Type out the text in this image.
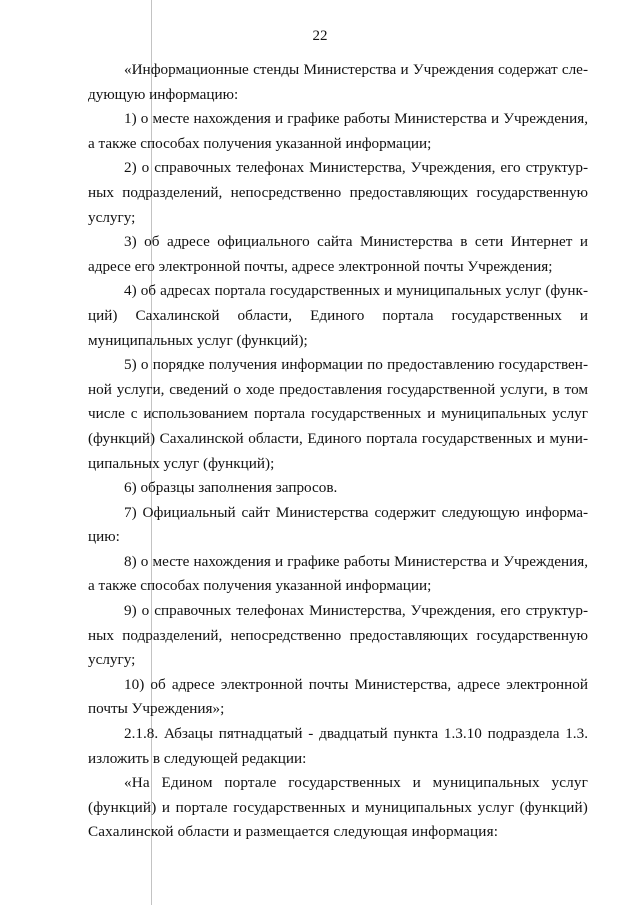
22

«Информационные стенды Министерства и Учреждения содержат следующую информацию:

1) о месте нахождения и графике работы Министерства и Учреждения, а также способах получения указанной информации;

2) о справочных телефонах Министерства, Учреждения, его структурных подразделений, непосредственно предоставляющих государственную услугу;

3) об адресе официального сайта Министерства в сети Интернет и адресе его электронной почты, адресе электронной почты Учреждения;

4) об адресах портала государственных и муниципальных услуг (функций) Сахалинской области, Единого портала государственных и муниципальных услуг (функций);

5) о порядке получения информации по предоставлению государственной услуги, сведений о ходе предоставления государственной услуги, в том числе с использованием портала государственных и муниципальных услуг (функций) Сахалинской области, Единого портала государственных и муниципальных услуг (функций);

6) образцы заполнения запросов.

7) Официальный сайт Министерства содержит следующую информацию:

8) о месте нахождения и графике работы Министерства и Учреждения, а также способах получения указанной информации;

9) о справочных телефонах Министерства, Учреждения, его структурных подразделений, непосредственно предоставляющих государственную услугу;

10) об адресе электронной почты Министерства, адресе электронной почты Учреждения»;

2.1.8. Абзацы пятнадцатый - двадцатый пункта 1.3.10 подраздела 1.3. изложить в следующей редакции:

«На Едином портале государственных и муниципальных услуг (функций) и портале государственных и муниципальных услуг (функций) Сахалинской области и размещается следующая информация:
